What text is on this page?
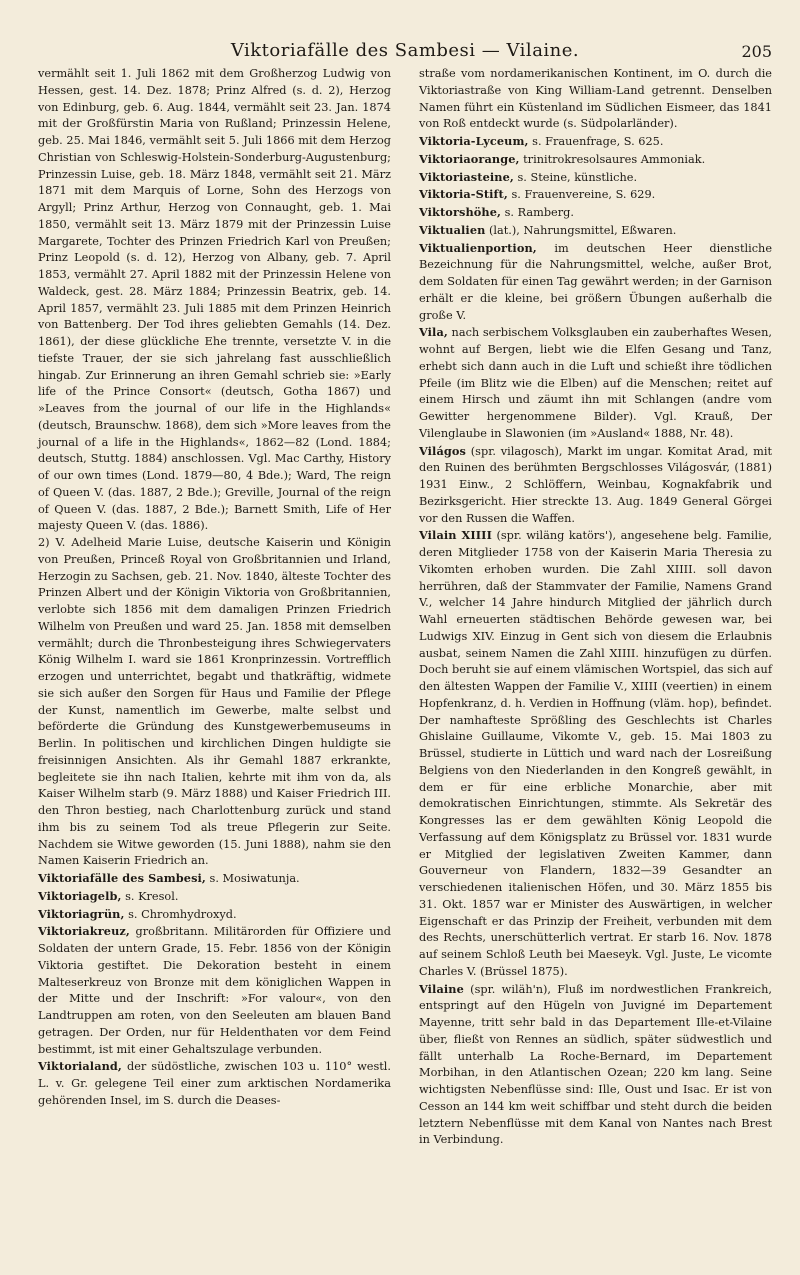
Viktoriafälle des Sambesi — Vilaine.	205

vermählt seit 1. Juli 1862 mit dem Großherzog Ludwig von Hessen, gest. 14. Dez. 1878; Prinz Alfred (s. d. 2), Herzog von Edinburg, geb. 6. Aug. 1844, vermählt seit 23. Jan. 1874 mit der Großfürstin Maria von Rußland; Prinzessin Helene, geb. 25. Mai 1846, vermählt seit 5. Juli 1866 mit dem Herzog Christian von Schleswig-Holstein-Sonderburg-Augustenburg; Prinzessin Luise, geb. 18. März 1848, vermählt seit 21. März 1871 mit dem Marquis of Lorne, Sohn des Herzogs von Argyll; Prinz Arthur, Herzog von Connaught, geb. 1. Mai 1850, vermählt seit 13. März 1879 mit der Prinzessin Luise Margarete, Tochter des Prinzen Friedrich Karl von Preußen; Prinz Leopold (s. d. 12), Herzog von Albany, geb. 7. April 1853, vermählt 27. April 1882 mit der Prinzessin Helene von Waldeck, gest. 28. März 1884; Prinzessin Beatrix, geb. 14. April 1857, vermählt 23. Juli 1885 mit dem Prinzen Heinrich von Battenberg. Der Tod ihres geliebten Gemahls (14. Dez. 1861), der diese glückliche Ehe trennte, versetzte V. in die tiefste Trauer, der sie sich jahrelang fast ausschließlich hingab. Zur Erinnerung an ihren Gemahl schrieb sie: »Early life of the Prince Consort« (deutsch, Gotha 1867) und »Leaves from the journal of our life in the Highlands« (deutsch, Braunschw. 1868), dem sich »More leaves from the journal of a life in the Highlands«, 1862—82 (Lond. 1884; deutsch, Stuttg. 1884) anschlossen. Vgl. Mac Carthy, History of our own times (Lond. 1879—80, 4 Bde.); Ward, The reign of Queen V. (das. 1887, 2 Bde.); Greville, Journal of the reign of Queen V. (das. 1887, 2 Bde.); Barnett Smith, Life of Her majesty Queen V. (das. 1886).

2) V. Adelheid Marie Luise, deutsche Kaiserin und Königin von Preußen, Princeß Royal von Großbritannien und Irland, Herzogin zu Sachsen, geb. 21. Nov. 1840, älteste Tochter des Prinzen Albert und der Königin Viktoria von Großbritannien, verlobte sich 1856 mit dem damaligen Prinzen Friedrich Wilhelm von Preußen und ward 25. Jan. 1858 mit demselben vermählt; durch die Thronbesteigung ihres Schwiegervaters König Wilhelm I. ward sie 1861 Kronprinzessin. Vortrefflich erzogen und unterrichtet, begabt und thatkräftig, widmete sie sich außer den Sorgen für Haus und Familie der Pflege der Kunst, namentlich im Gewerbe, malte selbst und beförderte die Gründung des Kunstgewerbemuseums in Berlin. In politischen und kirchlichen Dingen huldigte sie freisinnigen Ansichten. Als ihr Gemahl 1887 erkrankte, begleitete sie ihn nach Italien, kehrte mit ihm von da, als Kaiser Wilhelm starb (9. März 1888) und Kaiser Friedrich III. den Thron bestieg, nach Charlottenburg zurück und stand ihm bis zu seinem Tod als treue Pflegerin zur Seite. Nachdem sie Witwe geworden (15. Juni 1888), nahm sie den Namen Kaiserin Friedrich an.

Viktoriafälle des Sambesi, s. Mosiwatunja.

Viktoriagelb, s. Kresol.

Viktoriagrün, s. Chromhydroxyd.

Viktoriakreuz, großbritann. Militärorden für Offiziere und Soldaten der untern Grade, 15. Febr. 1856 von der Königin Viktoria gestiftet. Die Dekoration besteht in einem Malteserkreuz von Bronze mit dem königlichen Wappen in der Mitte und der Inschrift: »For valour«, von den Landtruppen am roten, von den Seeleuten am blauen Band getragen. Der Orden, nur für Heldenthaten vor dem Feind bestimmt, ist mit einer Gehaltszulage verbunden.

Viktorialand, der südöstliche, zwischen 103 u. 110° westl. L. v. Gr. gelegene Teil einer zum arktischen Nordamerika gehörenden Insel, im S. durch die Deases-

straße vom nordamerikanischen Kontinent, im O. durch die Viktoriastraße von King William-Land getrennt. Denselben Namen führt ein Küstenland im Südlichen Eismeer, das 1841 von Roß entdeckt wurde (s. Südpolarländer).

Viktoria-Lyceum, s. Frauenfrage, S. 625.

Viktoriaorange, trinitrokresolsaures Ammoniak.

Viktoriasteine, s. Steine, künstliche.

Viktoria-Stift, s. Frauenvereine, S. 629.

Viktorshöhe, s. Ramberg.

Viktualien (lat.), Nahrungsmittel, Eßwaren.

Viktualienportion, im deutschen Heer dienstliche Bezeichnung für die Nahrungsmittel, welche, außer Brot, dem Soldaten für einen Tag gewährt werden; in der Garnison erhält er die kleine, bei größern Übungen außerhalb die große V.

Vila, nach serbischem Volksglauben ein zauberhaftes Wesen, wohnt auf Bergen, liebt wie die Elfen Gesang und Tanz, erhebt sich dann auch in die Luft und schießt ihre tödlichen Pfeile (im Blitz wie die Elben) auf die Menschen; reitet auf einem Hirsch und zäumt ihn mit Schlangen (andre vom Gewitter hergenommene Bilder). Vgl. Krauß, Der Vilenglaube in Slawonien (im »Ausland« 1888, Nr. 48).

Világos (spr. vilagosch), Markt im ungar. Komitat Arad, mit den Ruinen des berühmten Bergschlosses Világosvár, (1881) 1931 Einw., 2 Schlöffern, Weinbau, Kognakfabrik und Bezirksgericht. Hier streckte 13. Aug. 1849 General Görgei vor den Russen die Waffen.

Vilain XIIII (spr. wiläng katörs'), angesehene belg. Familie, deren Mitglieder 1758 von der Kaiserin Maria Theresia zu Vikomten erhoben wurden. Die Zahl XIIII. soll davon herrühren, daß der Stammvater der Familie, Namens Grand V., welcher 14 Jahre hindurch Mitglied der jährlich durch Wahl erneuerten städtischen Behörde gewesen war, bei Ludwigs XIV. Einzug in Gent sich von diesem die Erlaubnis ausbat, seinem Namen die Zahl XIIII. hinzufügen zu dürfen. Doch beruht sie auf einem vlämischen Wortspiel, das sich auf den ältesten Wappen der Familie V., XIIII (veertien) in einem Hopfenkranz, d. h. Verdien in Hoffnung (vläm. hop), befindet. Der namhafteste Sprößling des Geschlechts ist Charles Ghislaine Guillaume, Vikomte V., geb. 15. Mai 1803 zu Brüssel, studierte in Lüttich und ward nach der Losreißung Belgiens von den Niederlanden in den Kongreß gewählt, in dem er für eine erbliche Monarchie, aber mit demokratischen Einrichtungen, stimmte. Als Sekretär des Kongresses las er dem gewählten König Leopold die Verfassung auf dem Königsplatz zu Brüssel vor. 1831 wurde er Mitglied der legislativen Zweiten Kammer, dann Gouverneur von Flandern, 1832—39 Gesandter an verschiedenen italienischen Höfen, und 30. März 1855 bis 31. Okt. 1857 war er Minister des Auswärtigen, in welcher Eigenschaft er das Prinzip der Freiheit, verbunden mit dem des Rechts, unerschütterlich vertrat. Er starb 16. Nov. 1878 auf seinem Schloß Leuth bei Maeseyk. Vgl. Juste, Le vicomte Charles V. (Brüssel 1875).

Vilaine (spr. wiläh'n), Fluß im nordwestlichen Frankreich, entspringt auf den Hügeln von Juvigné im Departement Mayenne, tritt sehr bald in das Departement Ille-et-Vilaine über, fließt von Rennes an südlich, später südwestlich und fällt unterhalb La Roche-Bernard, im Departement Morbihan, in den Atlantischen Ozean; 220 km lang. Seine wichtigsten Nebenflüsse sind: Ille, Oust und Isac. Er ist von Cesson an 144 km weit schiffbar und steht durch die beiden letztern Nebenflüsse mit dem Kanal von Nantes nach Brest in Verbindung.
